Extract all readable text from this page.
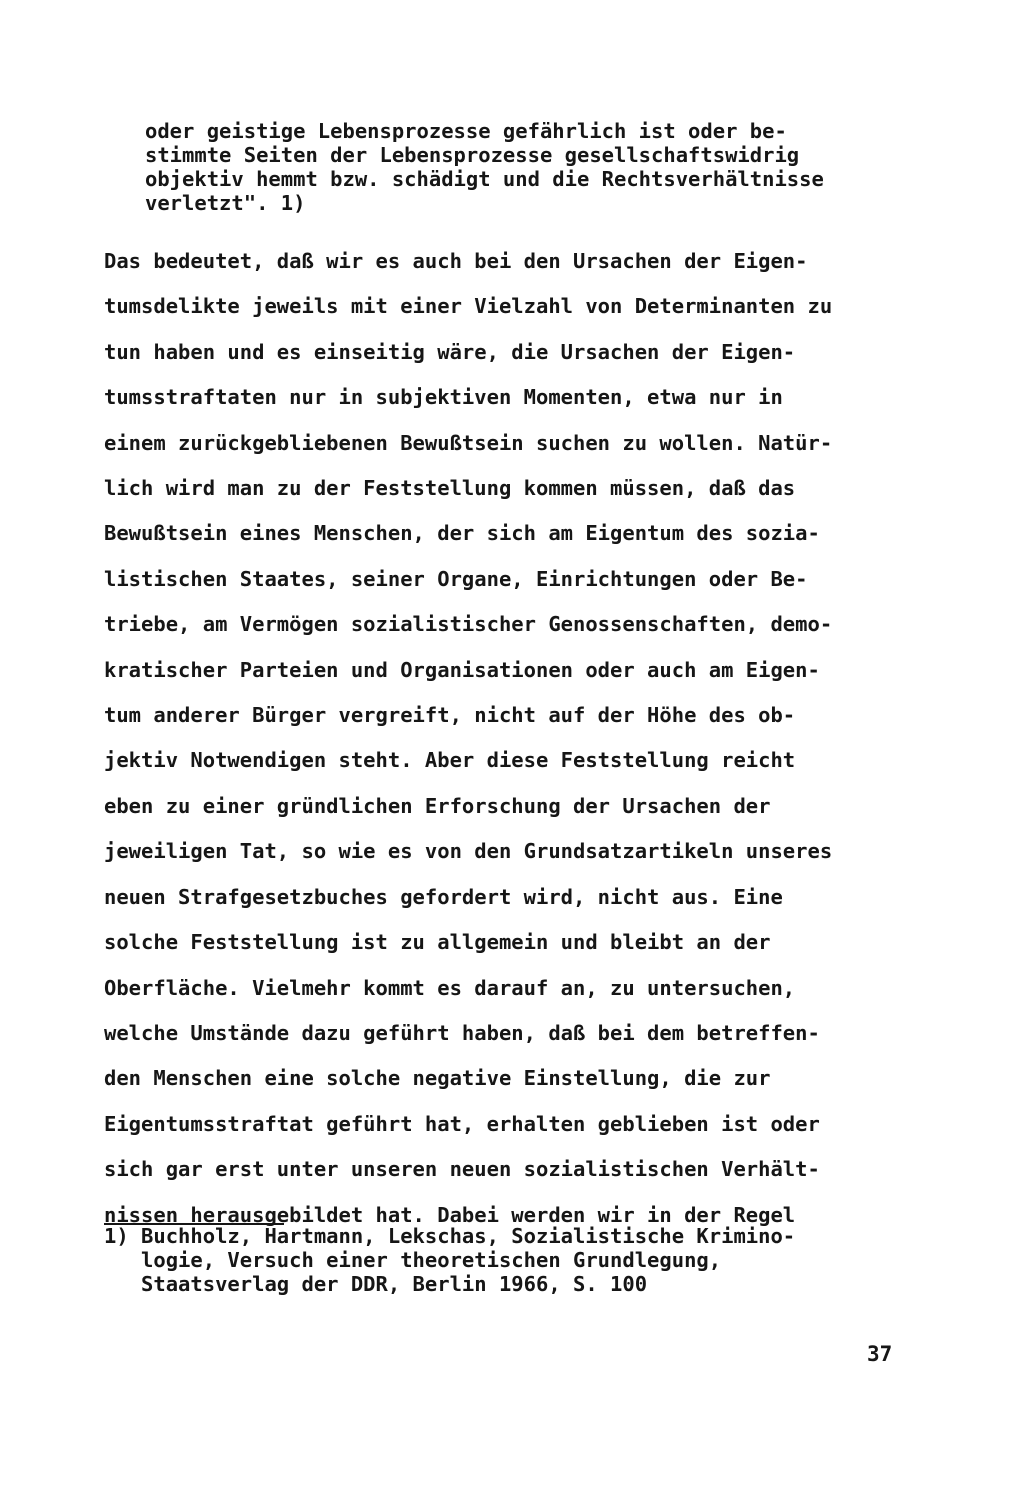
oder geistige Lebensprozesse gefährlich ist oder be-
stimmte Seiten der Lebensprozesse gesellschaftswidrig
objektiv hemmt bzw. schädigt und die Rechtsverhältnisse
verletzt". 1)

Das bedeutet, daß wir es auch bei den Ursachen der Eigen-
tumsdelikte jeweils mit einer Vielzahl von Determinanten zu
tun haben und es einseitig wäre, die Ursachen der Eigen-
tumsstraftaten nur in subjektiven Momenten, etwa nur in
einem zurückgebliebenen Bewußtsein suchen zu wollen. Natür-
lich wird man zu der Feststellung kommen müssen, daß das
Bewußtsein eines Menschen, der sich am Eigentum des sozia-
listischen Staates, seiner Organe, Einrichtungen oder Be-
triebe, am Vermögen sozialistischer Genossenschaften, demo-
kratischer Parteien und Organisationen oder auch am Eigen-
tum anderer Bürger vergreift, nicht auf der Höhe des ob-
jektiv Notwendigen steht. Aber diese Feststellung reicht
eben zu einer gründlichen Erforschung der Ursachen der
jeweiligen Tat, so wie es von den Grundsatzartikeln unseres
neuen Strafgesetzbuches gefordert wird, nicht aus. Eine
solche Feststellung ist zu allgemein und bleibt an der
Oberfläche. Vielmehr kommt es darauf an, zu untersuchen,
welche Umstände dazu geführt haben, daß bei dem betreffen-
den Menschen eine solche negative Einstellung, die zur
Eigentumsstraftat geführt hat, erhalten geblieben ist oder
sich gar erst unter unseren neuen sozialistischen Verhält-
nissen herausgebildet hat. Dabei werden wir in der Regel

1) Buchholz, Hartmann, Lekschas, Sozialistische Krimino-
logie, Versuch einer theoretischen Grundlegung,
Staatsverlag der DDR, Berlin 1966, S. 100

37
